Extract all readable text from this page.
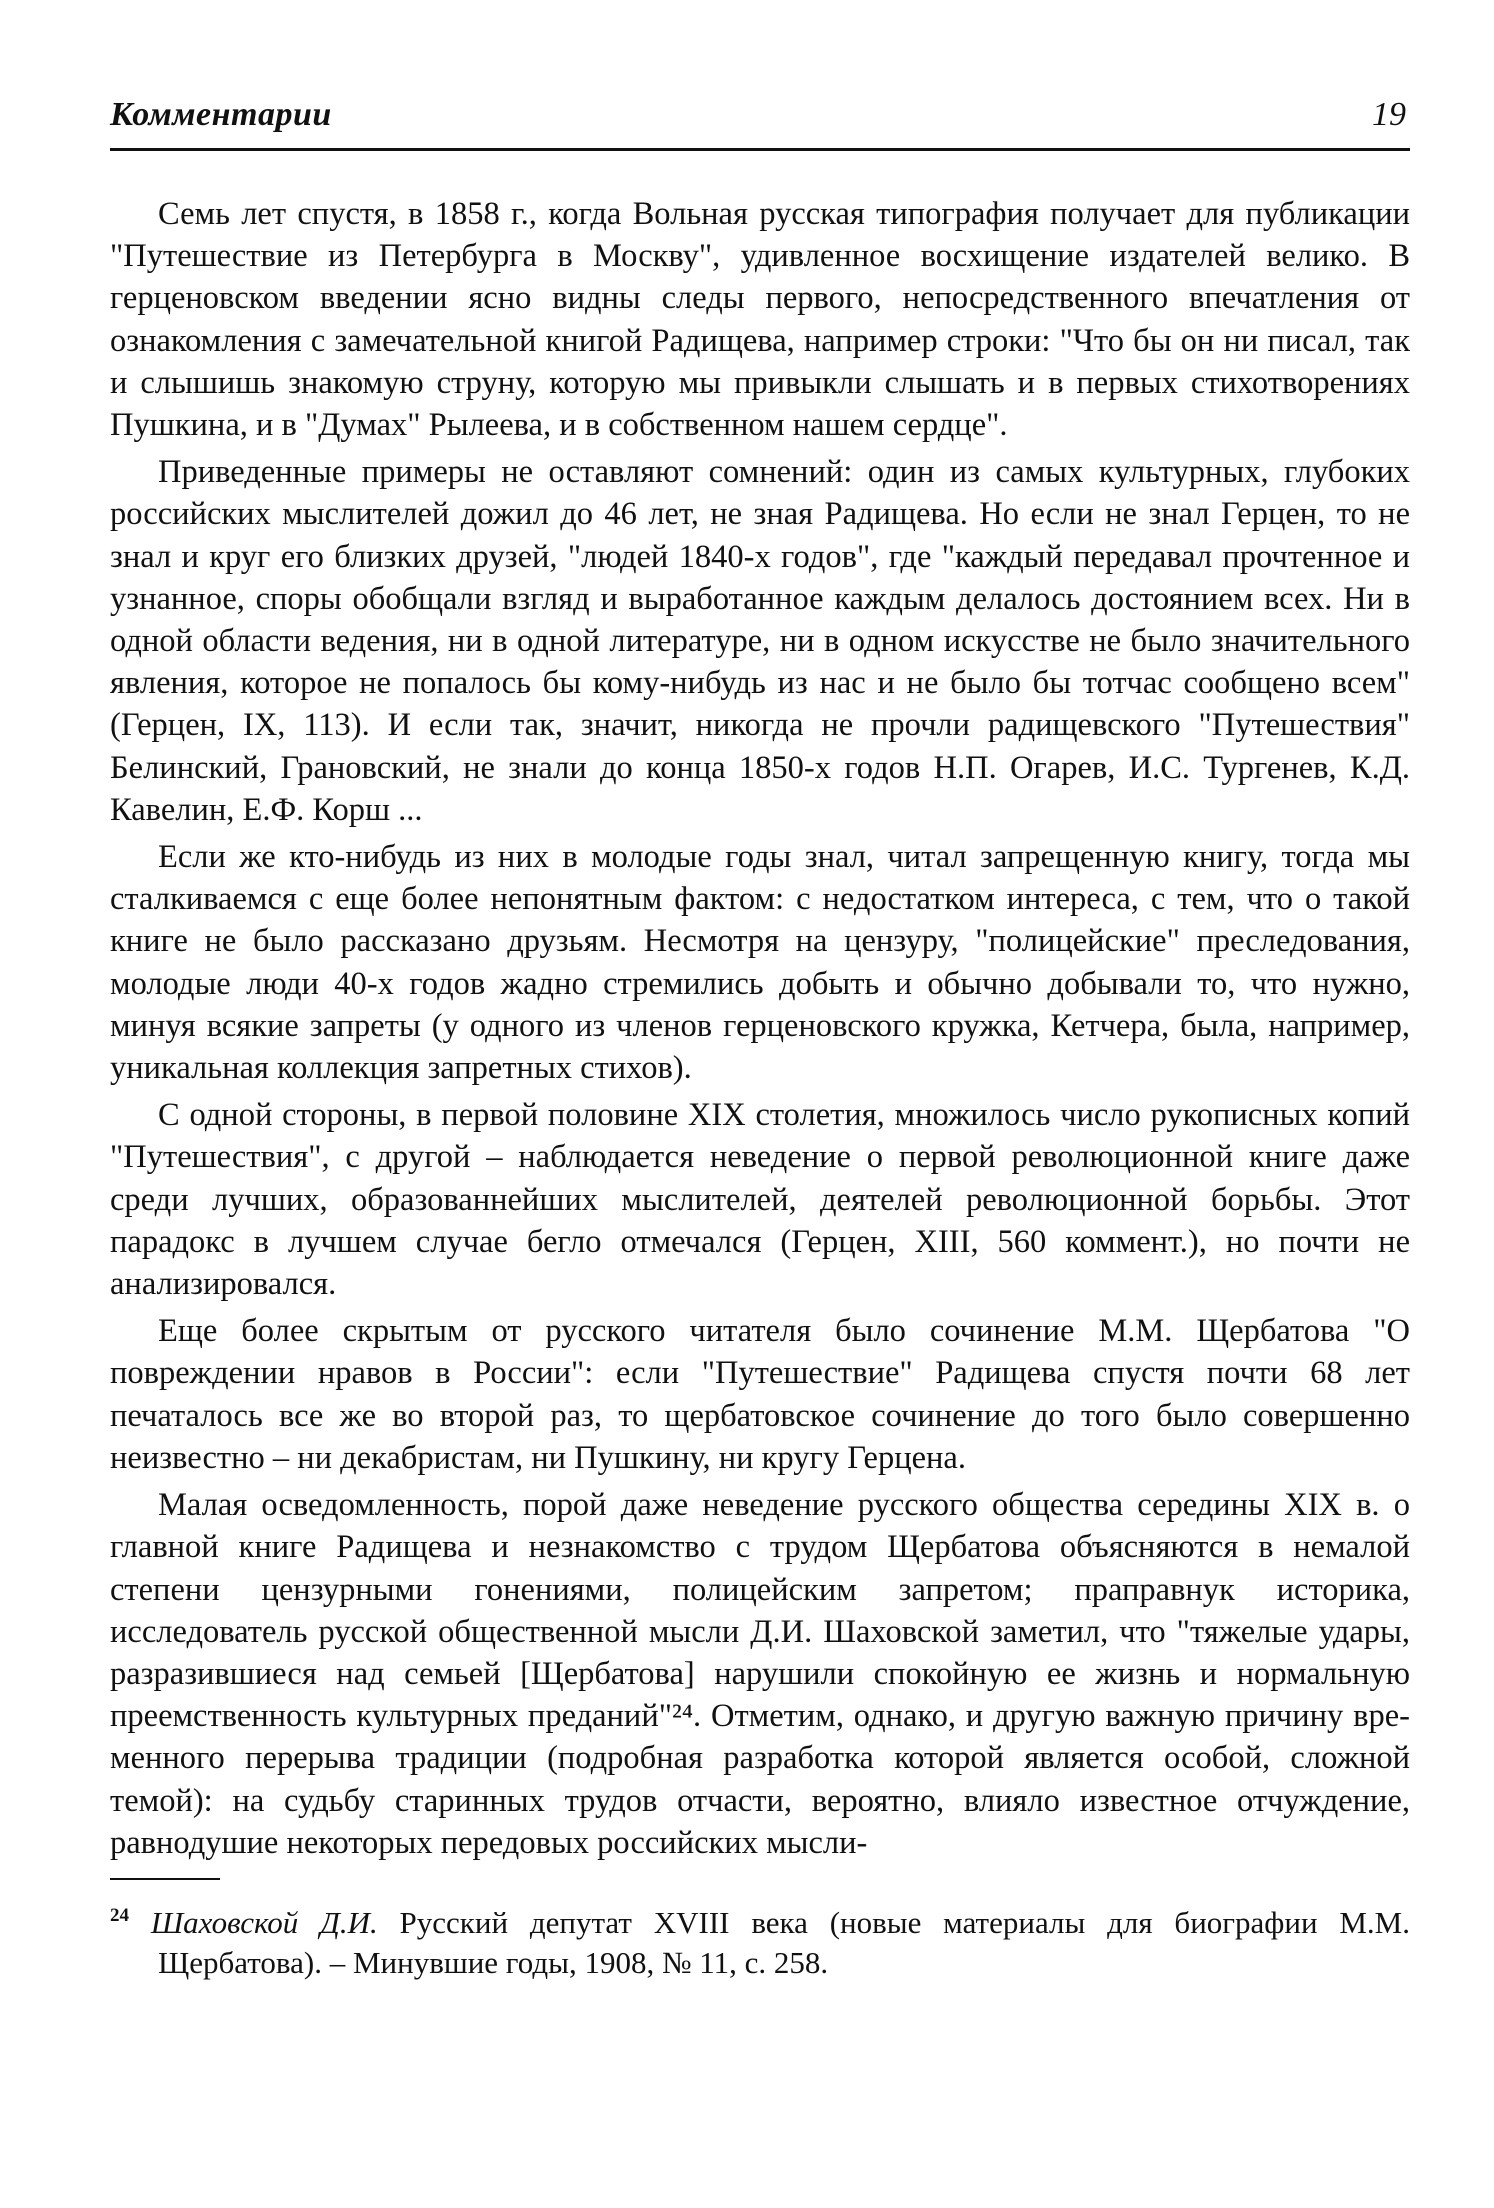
Комментарии	19

Семь лет спустя, в 1858 г., когда Вольная русская типография получает для публикации "Путешествие из Петербурга в Москву", удивленное восхищение издателей велико. В герценовском введении ясно видны следы первого, непосредственного впечатления от ознакомления с замечательной книгой Радищева, например строки: "Что бы он ни писал, так и слышишь знакомую струну, которую мы привыкли слышать и в первых стихотворениях Пушкина, и в "Думах" Рылеева, и в собственном нашем сердце".

Приведенные примеры не оставляют сомнений: один из самых культурных, глубоких российских мыслителей дожил до 46 лет, не зная Радищева. Но если не знал Герцен, то не знал и круг его близких друзей, "людей 1840-х годов", где "каждый передавал прочтенное и узнанное, споры обобщали взгляд и выработанное каждым делалось достоянием всех. Ни в одной области ведения, ни в одной литературе, ни в одном искусстве не было значительного явления, которое не попалось бы кому-нибудь из нас и не было бы тотчас сообщено всем" (Герцен, IX, 113). И если так, значит, никогда не прочли радищевского "Путешествия" Белинский, Грановский, не знали до конца 1850-х годов Н.П. Огарев, И.С. Тургенев, К.Д. Кавелин, Е.Ф. Корш ...

Если же кто-нибудь из них в молодые годы знал, читал запрещенную книгу, тогда мы сталкиваемся с еще более непонятным фактом: с недостатком интереса, с тем, что о такой книге не было рассказано друзьям. Несмотря на цензуру, "полицейские" преследования, молодые люди 40-х годов жадно стремились добыть и обычно добывали то, что нужно, минуя всякие запреты (у одного из членов герценовского кружка, Кетчера, была, например, уникальная коллекция запретных стихов).

С одной стороны, в первой половине XIX столетия, множилось число рукописных копий "Путешествия", с другой – наблюдается неведение о первой революционной книге даже среди лучших, образованнейших мыслителей, деятелей революционной борьбы. Этот парадокс в лучшем случае бегло отмечался (Герцен, XIII, 560 коммент.), но почти не анализировался.

Еще более скрытым от русского читателя было сочинение М.М. Щербатова "О повреждении нравов в России": если "Путешествие" Радищева спустя почти 68 лет печаталось все же во второй раз, то щербатовское сочинение до того было совершенно неизвестно – ни декабристам, ни Пушкину, ни кругу Герцена.

Малая осведомленность, порой даже неведение русского общества середины XIX в. о главной книге Радищева и незнакомство с трудом Щербатова объясняются в немалой степени цензурными гонениями, полицейским запретом; праправнук историка, исследователь русской общественной мысли Д.И. Шаховской заметил, что "тяжелые удары, разразившиеся над семьей [Щербатова] нарушили спокойную ее жизнь и нормальную преемственность культурных преданий"²⁴. Отметим, однако, и другую важную причину временного перерыва традиции (подробная разработка которой является особой, сложной темой): на судьбу старинных трудов отчасти, вероятно, влияло известное отчуждение, равнодушие некоторых передовых российских мысли-

$^{24}$ Шаховской Д.И. Русский депутат XVIII века (новые материалы для биографии М.М. Щербатова). – Минувшие годы, 1908, № 11, с. 258.
